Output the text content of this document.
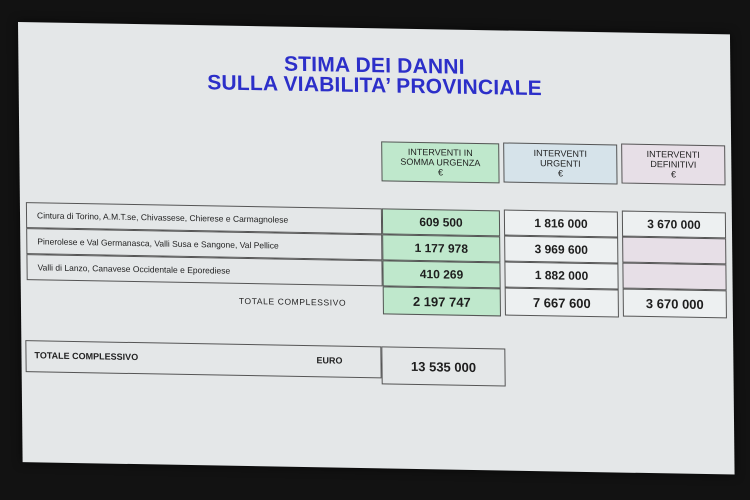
STIMA DEI DANNI
SULLA VIABILITA’ PROVINCIALE
INTERVENTI IN
SOMMA URGENZA
€
INTERVENTI
URGENTI
€
INTERVENTI
DEFINITIVI
€
Cintura di Torino, A.M.T.se, Chivassese, Chierese e Carmagnolese	609 500	1 816 000	3 670 000
Pinerolese e Val Germanasca, Valli Susa e Sangone, Val Pellice	1 177 978	3 969 600
Valli di Lanzo, Canavese Occidentale e Eporediese	410 269	1 882 000
TOTALE COMPLESSIVO	2 197 747	7 667 600	3 670 000
TOTALE COMPLESSIVO	EURO	13 535 000
